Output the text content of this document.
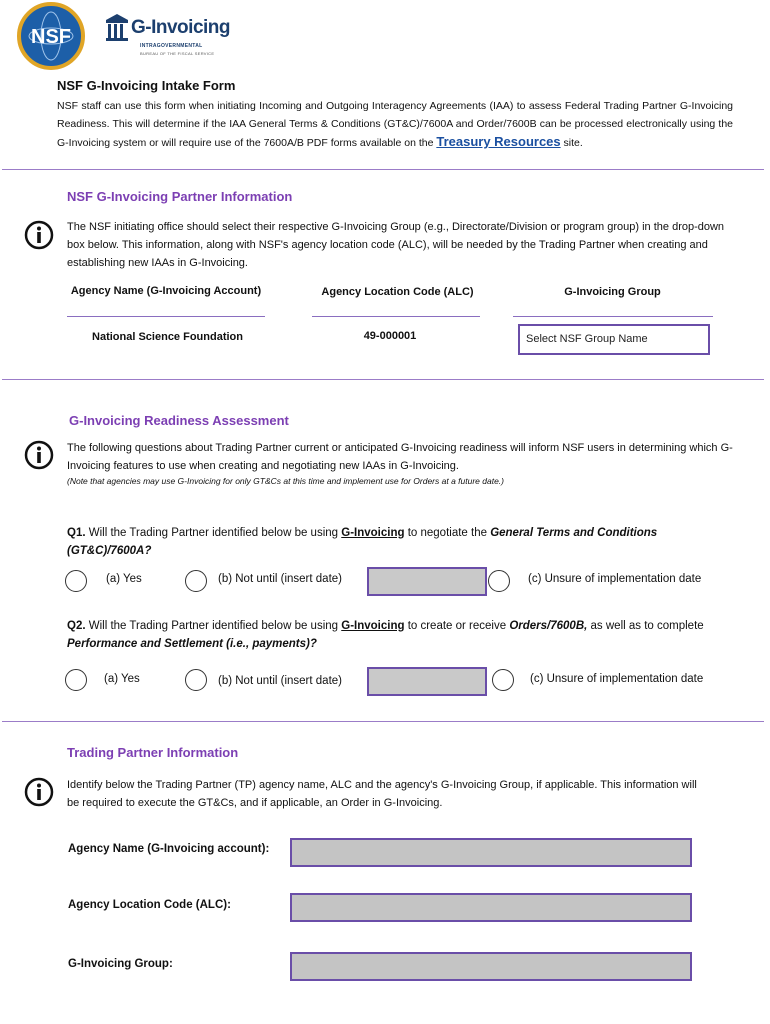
NSF	G-Invoicing
INTRAGOVERNMENTAL
BUREAU OF THE FISCAL SERVICE
NSF G-Invoicing Intake Form
NSF staff can use this form when initiating Incoming and Outgoing Interagency Agreements (IAA) to assess Federal Trading Partner G-Invoicing Readiness. This will determine if the IAA General Terms & Conditions (GT&C)/7600A and Order/7600B can be processed electronically using the G-Invoicing system or will require use of the 7600A/B PDF forms available on the Treasury Resources site.
NSF G-Invoicing Partner Information
The NSF initiating office should select their respective G-Invoicing Group (e.g., Directorate/Division or program group) in the drop-down box below. This information, along with NSF's agency location code (ALC), will be needed by the Trading Partner when creating and establishing new IAAs in G-Invoicing.
Agency Name (G-Invoicing Account)	Agency Location Code (ALC)	G-Invoicing Group
National Science Foundation	49-000001	Select NSF Group Name
G-Invoicing Readiness Assessment
The following questions about Trading Partner current or anticipated G-Invoicing readiness will inform NSF users in determining which G-Invoicing features to use when creating and negotiating new IAAs in G-Invoicing.
(Note that agencies may use G-Invoicing for only GT&Cs at this time and implement use for Orders at a future date.)
Q1. Will the Trading Partner identified below be using G-Invoicing to negotiate the General Terms and Conditions (GT&C)/7600A?
(a) Yes	(b) Not until (insert date)	(c) Unsure of implementation date
Q2. Will the Trading Partner identified below be using G-Invoicing to create or receive Orders/7600B, as well as to complete Performance and Settlement (i.e., payments)?
(a) Yes	(b) Not until (insert date)	(c) Unsure of implementation date
Trading Partner Information
Identify below the Trading Partner (TP) agency name, ALC and the agency's G-Invoicing Group, if applicable. This information will be required to execute the GT&Cs, and if applicable, an Order in G-Invoicing.
Agency Name (G-Invoicing account):
Agency Location Code (ALC):
G-Invoicing Group:
